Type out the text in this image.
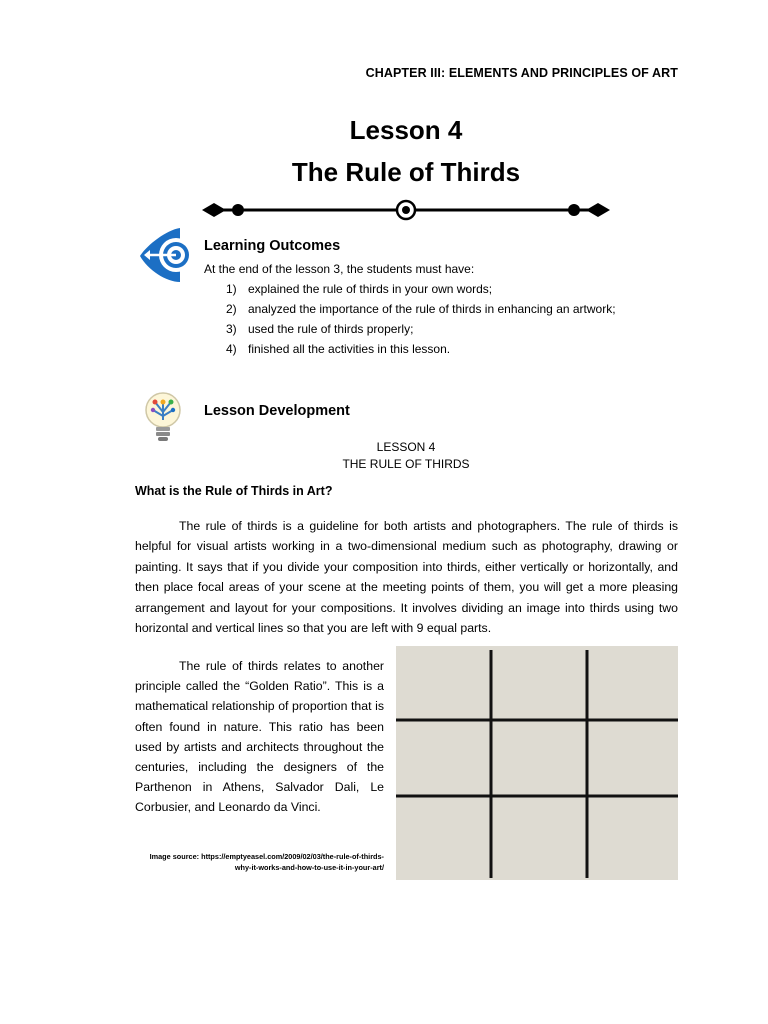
CHAPTER III: ELEMENTS AND PRINCIPLES OF ART
Lesson 4
The Rule of Thirds
Learning Outcomes
At the end of the lesson 3, the students must have:
1) explained the rule of thirds in your own words;
2) analyzed the importance of the rule of thirds in enhancing an artwork;
3) used the rule of thirds properly;
4) finished all the activities in this lesson.
Lesson Development
LESSON 4
THE RULE OF THIRDS
What is the Rule of Thirds in Art?

The rule of thirds is a guideline for both artists and photographers. The rule of thirds is helpful for visual artists working in a two-dimensional medium such as photography, drawing or painting. It says that if you divide your composition into thirds, either vertically or horizontally, and then place focal areas of your scene at the meeting points of them, you will get a more pleasing arrangement and layout for your compositions. It involves dividing an image into thirds using two horizontal and vertical lines so that you are left with 9 equal parts.

The rule of thirds relates to another principle called the “Golden Ratio”. This is a mathematical relationship of proportion that is often found in nature. This ratio has been used by artists and architects throughout the centuries, including the designers of the Parthenon in Athens, Salvador Dali, Le Corbusier, and Leonardo da Vinci.

Image source: https://emptyeasel.com/2009/02/03/the-rule-of-thirds-why-it-works-and-how-to-use-it-in-your-art/
